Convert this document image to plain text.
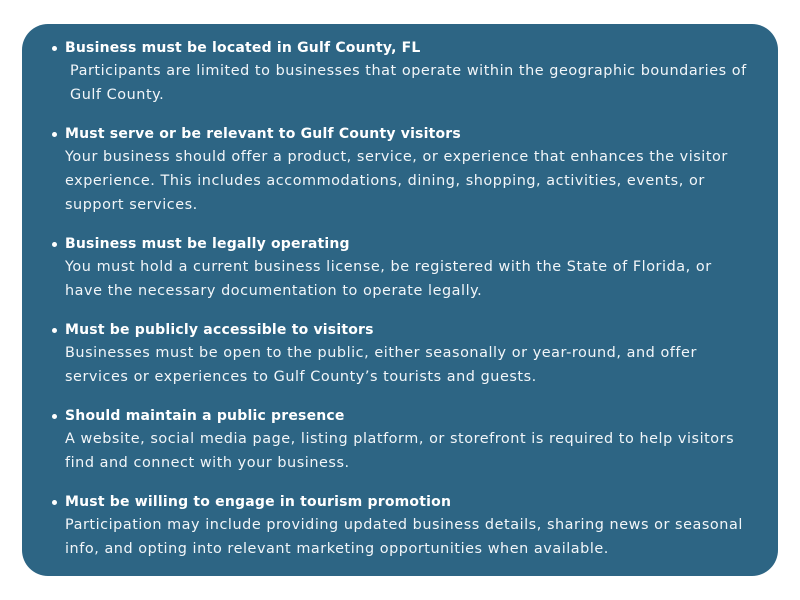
Business must be located in Gulf County, FL
Participants are limited to businesses that operate within the geographic boundaries of Gulf County.
Must serve or be relevant to Gulf County visitors
Your business should offer a product, service, or experience that enhances the visitor experience. This includes accommodations, dining, shopping, activities, events, or support services.
Business must be legally operating
You must hold a current business license, be registered with the State of Florida, or have the necessary documentation to operate legally.
Must be publicly accessible to visitors
Businesses must be open to the public, either seasonally or year-round, and offer services or experiences to Gulf County’s tourists and guests.
Should maintain a public presence
A website, social media page, listing platform, or storefront is required to help visitors find and connect with your business.
Must be willing to engage in tourism promotion
Participation may include providing updated business details, sharing news or seasonal info, and opting into relevant marketing opportunities when available.
